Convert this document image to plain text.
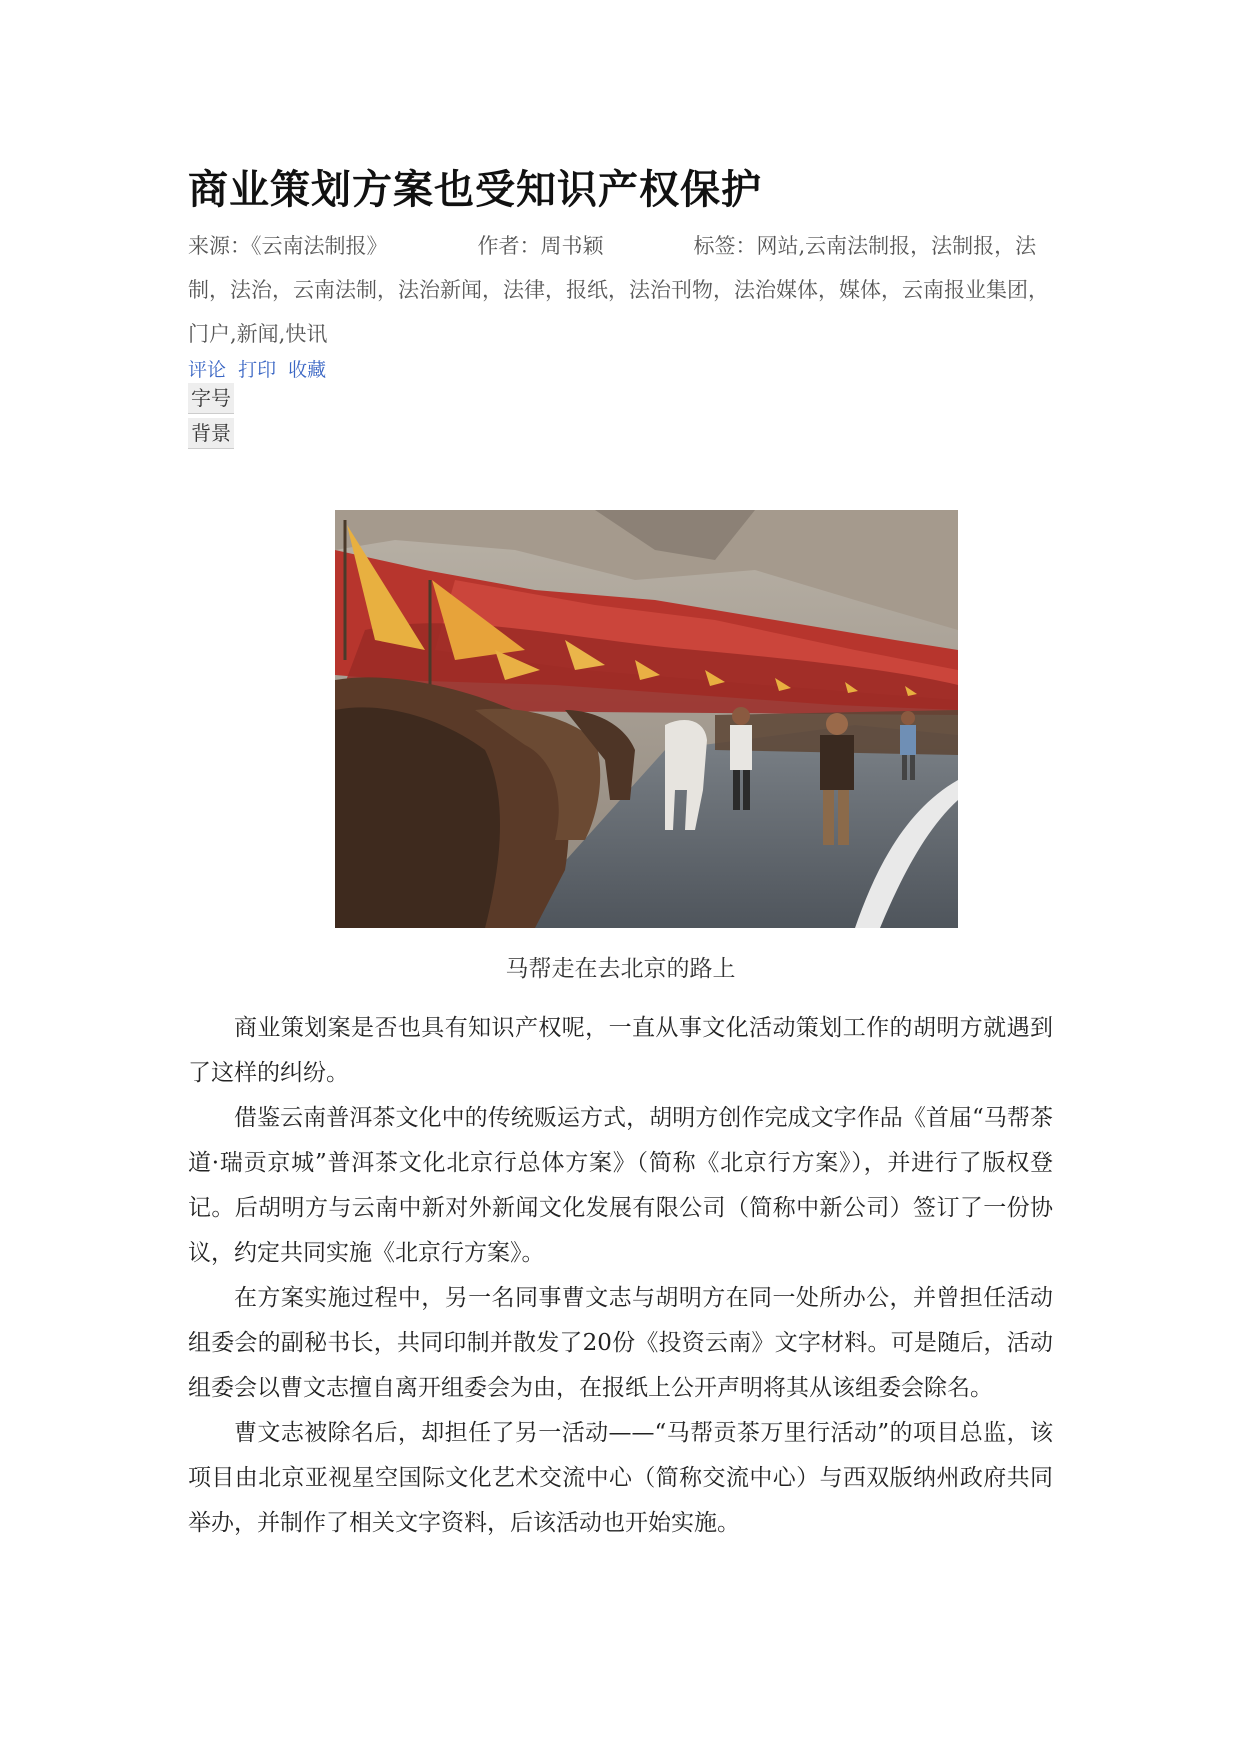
商业策划方案也受知识产权保护
来源：《云南法制报》	作者：周书颖	标签：网站,云南法制报，法制报，法制，法治，云南法制，法治新闻，法律，报纸，法治刊物，法治媒体，媒体，云南报业集团，门户,新闻,快讯
评论 打印 收藏
字号
背景

商业策划案是否也具有知识产权呢，一直从事文化活动策划工作的胡明方就遇到了这样的纠纷。

借鉴云南普洱茶文化中的传统贩运方式，胡明方创作完成文字作品《首届“马帮茶道·瑞贡京城”普洱茶文化北京行总体方案》（简称《北京行方案》），并进行了版权登记。后胡明方与云南中新对外新闻文化发展有限公司（简称中新公司）签订了一份协议，约定共同实施《北京行方案》。

在方案实施过程中，另一名同事曹文志与胡明方在同一处所办公，并曾担任活动组委会的副秘书长，共同印制并散发了20份《投资云南》文字材料。可是随后，活动组委会以曹文志擅自离开组委会为由，在报纸上公开声明将其从该组委会除名。

曹文志被除名后，却担任了另一活动——“马帮贡茶万里行活动”的项目总监，该项目由北京亚视星空国际文化艺术交流中心（简称交流中心）与西双版纳州政府共同举办，并制作了相关文字资料，后该活动也开始实施。

马帮走在去北京的路上
